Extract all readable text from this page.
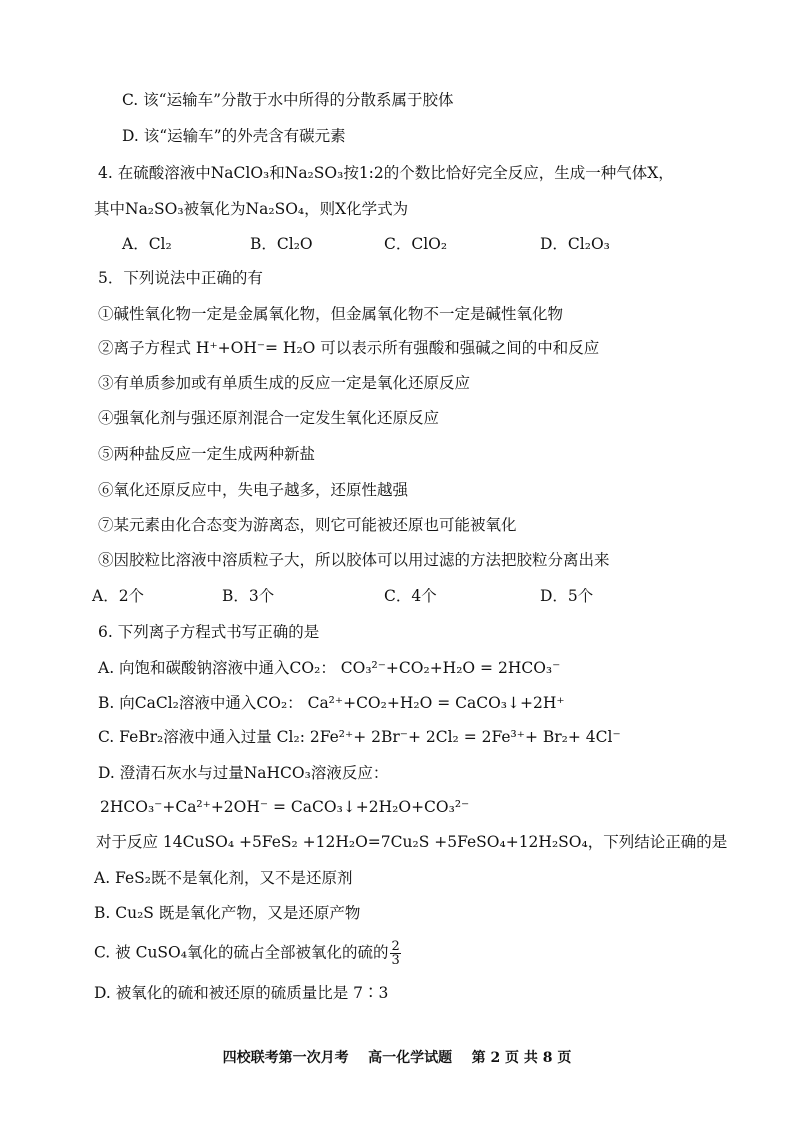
C. 该“运输车”分散于水中所得的分散系属于胶体
D. 该“运输车”的外壳含有碳元素
4. 在硫酸溶液中NaClO₃和Na₂SO₃按1:2的个数比恰好完全反应，生成一种气体X，
其中Na₂SO₃被氧化为Na₂SO₄，则X化学式为
A．Cl₂	B．Cl₂O	C．ClO₂	D．Cl₂O₃
5．下列说法中正确的有
①碱性氧化物一定是金属氧化物，但金属氧化物不一定是碱性氧化物
②离子方程式 H⁺+OH⁻= H₂O 可以表示所有强酸和强碱之间的中和反应
③有单质参加或有单质生成的反应一定是氧化还原反应
④强氧化剂与强还原剂混合一定发生氧化还原反应
⑤两种盐反应一定生成两种新盐
⑥氧化还原反应中，失电子越多，还原性越强
⑦某元素由化合态变为游离态，则它可能被还原也可能被氧化
⑧因胶粒比溶液中溶质粒子大，所以胶体可以用过滤的方法把胶粒分离出来
A．2个	B．3个	C．4个	D．5个
6. 下列离子方程式书写正确的是
A. 向饱和碳酸钠溶液中通入CO₂： CO₃²⁻+CO₂+H₂O = 2HCO₃⁻
B. 向CaCl₂溶液中通入CO₂： Ca²⁺+CO₂+H₂O = CaCO₃↓+2H⁺
C. FeBr₂溶液中通入过量 Cl₂: 2Fe²⁺+ 2Br⁻+ 2Cl₂ = 2Fe³⁺+ Br₂+ 4Cl⁻
D. 澄清石灰水与过量NaHCO₃溶液反应：
2HCO₃⁻+Ca²⁺+2OH⁻ = CaCO₃↓+2H₂O+CO₃²⁻
对于反应 14CuSO₄ +5FeS₂ +12H₂O=7Cu₂S +5FeSO₄+12H₂SO₄，下列结论正确的是
A. FeS₂既不是氧化剂，又不是还原剂
B. Cu₂S 既是氧化产物，又是还原产物
C. 被 CuSO₄氧化的硫占全部被氧化的硫的 $\frac{2}{3}$
D. 被氧化的硫和被还原的硫质量比是 7∶3
四校联考第一次月考    高一化学试题    第 2 页 共 8 页
